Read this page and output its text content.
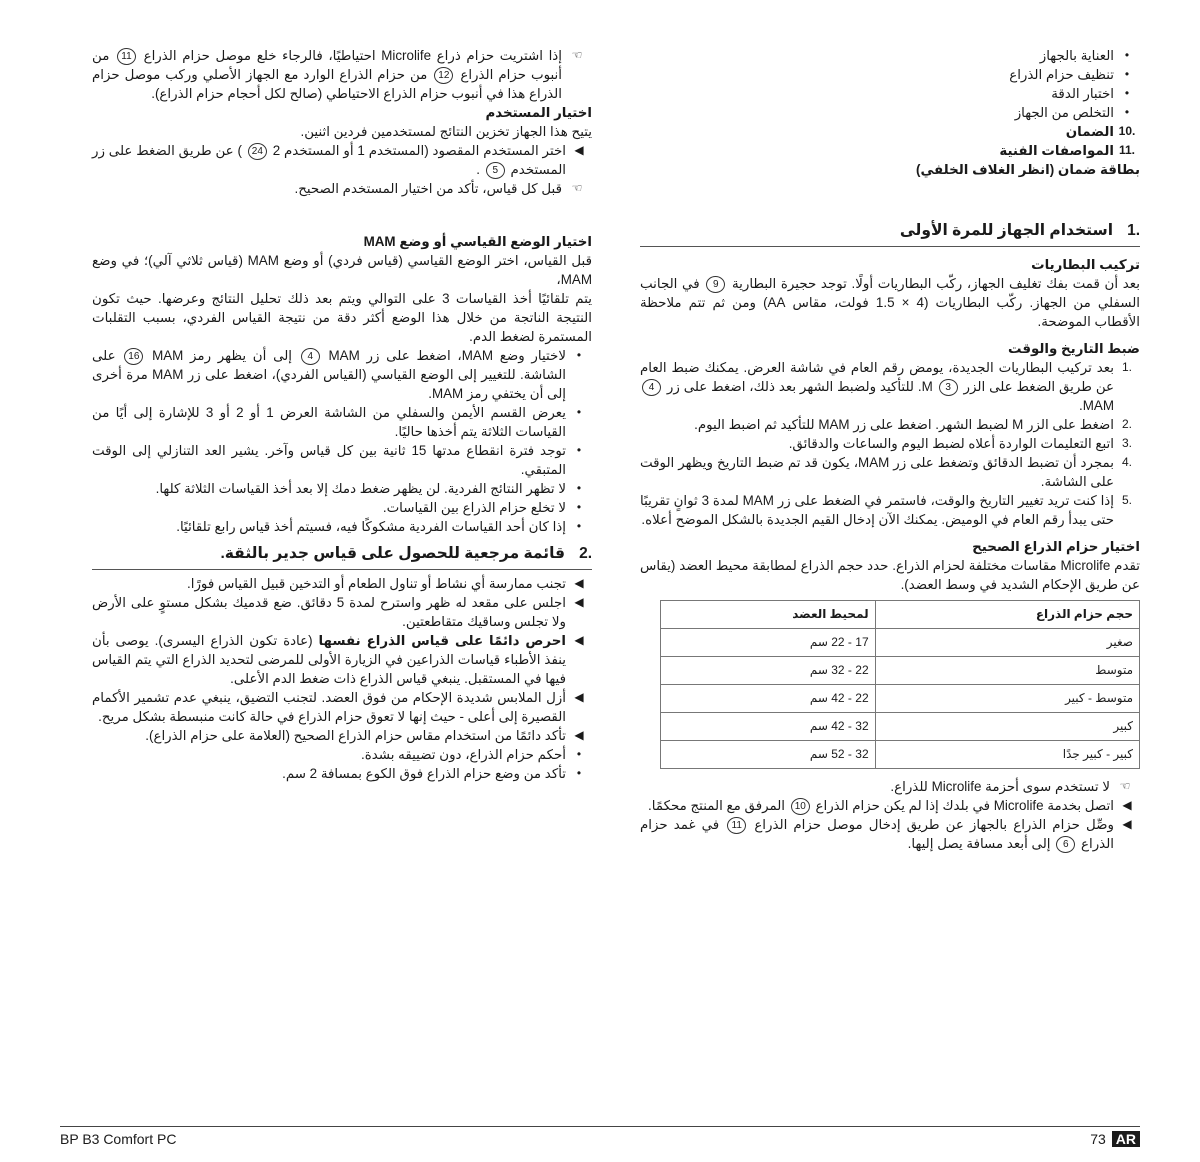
•
العناية بالجهاز
•
تنظيف حزام الذراع
•
اختبار الدقة
•
التخلص من الجهاز
.10
الضمان
.11
المواصفات الفنية
بطاقة ضمان (انظر الغلاف الخلفي)
.1
استخدام الجهاز للمرة الأولى
تركيب البطاريات

بعد أن قمت بفك تغليف الجهاز، ركّب البطاريات أولًا. توجد حجيرة البطارية 9 في الجانب السفلي من الجهاز. ركّب البطاريات (4 × 1.5 فولت، مقاس AA) ومن ثم تتم ملاحظة الأقطاب الموضحة.

ضبط التاريخ والوقت
.1
بعد تركيب البطاريات الجديدة، يومض رقم العام في شاشة العرض. يمكنك ضبط العام عن طريق الضغط على الزر 3 M. للتأكيد ولضبط الشهر بعد ذلك، اضغط على زر 4 MAM.
.2
اضغط على الزر M لضبط الشهر. اضغط على زر MAM للتأكيد ثم اضبط اليوم.
.3
اتبع التعليمات الواردة أعلاه لضبط اليوم والساعات والدقائق.
.4
بمجرد أن تضبط الدقائق وتضغط على زر MAM، يكون قد تم ضبط التاريخ ويظهر الوقت على الشاشة.
.5
إذا كنت تريد تغيير التاريخ والوقت، فاستمر في الضغط على زر MAM لمدة 3 ثوانٍ تقريبًا حتى يبدأ رقم العام في الوميض. يمكنك الآن إدخال القيم الجديدة بالشكل الموضح أعلاه.
اختيار حزام الذراع الصحيح

تقدم Microlife مقاسات مختلفة لحزام الذراع. حدد حجم الذراع لمطابقة محيط العضد (يقاس عن طريق الإحكام الشديد في وسط العضد).

حجم حزام الذراع	لمحيط العضد
صغير	17 - 22 سم
متوسط	22 - 32 سم
متوسط - كبير	22 - 42 سم
كبير	32 - 42 سم
كبير - كبير جدًا	32 - 52 سم
☜
لا تستخدم سوى أحزمة Microlife للذراع.
◀
اتصل بخدمة Microlife في بلدك إذا لم يكن حزام الذراع 10 المرفق مع المنتج محكمًا.
◀
وصِّل حزام الذراع بالجهاز عن طريق إدخال موصل حزام الذراع 11 في غمد حزام الذراع 6 إلى أبعد مسافة يصل إليها.
☜
إذا اشتريت حزام ذراع Microlife احتياطيًا، فالرجاء خلع موصل حزام الذراع 11 من أنبوب حزام الذراع 12 من حزام الذراع الوارد مع الجهاز الأصلي وركب موصل حزام الذراع هذا في أنبوب حزام الذراع الاحتياطي (صالح لكل أحجام حزام الذراع).
اختيار المستخدم

يتيح هذا الجهاز تخزين النتائج لمستخدمين فردين اثنين.

◀
اختر المستخدم المقصود (المستخدم 1 أو المستخدم 2 24 ) عن طريق الضغط على زر المستخدم 5 .
☜
قبل كل قياس، تأكد من اختيار المستخدم الصحيح.
اختيار الوضع القياسي أو وضع MAM

قبل القياس، اختر الوضع القياسي (قياس فردي) أو وضع MAM (قياس ثلاثي آلي)؛ في وضع MAM،

يتم تلقائيًا أخذ القياسات 3 على التوالي ويتم بعد ذلك تحليل النتائج وعرضها. حيث تكون النتيجة الناتجة من خلال هذا الوضع أكثر دقة من نتيجة القياس الفردي، بسبب التقلبات المستمرة لضغط الدم.

•
لاختيار وضع MAM، اضغط على زر MAM 4 إلى أن يظهر رمز MAM 16 على الشاشة. للتغيير إلى الوضع القياسي (القياس الفردي)، اضغط على زر MAM مرة أخرى إلى أن يختفي رمز MAM.
•
يعرض القسم الأيمن والسفلي من الشاشة العرض 1 أو 2 أو 3 للإشارة إلى أيًا من القياسات الثلاثة يتم أخذها حاليًا.
•
توجد فترة انقطاع مدتها 15 ثانية بين كل قياس وآخر. يشير العد التنازلي إلى الوقت المتبقي.
•
لا تظهر النتائج الفردية. لن يظهر ضغط دمك إلا بعد أخذ القياسات الثلاثة كلها.
•
لا تخلع حزام الذراع بين القياسات.
•
إذا كان أحد القياسات الفردية مشكوكًا فيه، فسيتم أخذ قياس رابع تلقائيًا.
.2
قائمة مرجعية للحصول على قياس جدير بالثقة.
◀
تجنب ممارسة أي نشاط أو تناول الطعام أو التدخين قبيل القياس فورًا.
◀
اجلس على مقعد له ظهر واسترح لمدة 5 دقائق. ضع قدميك بشكل مستوٍ على الأرض ولا تجلس وساقيك متقاطعتين.
◀
احرص دائمًا على قياس الذراع نفسها (عادة تكون الذراع اليسرى). يوصى بأن ينفذ الأطباء قياسات الذراعين في الزيارة الأولى للمرضى لتحديد الذراع التي يتم القياس فيها في المستقبل. ينبغي قياس الذراع ذات ضغط الدم الأعلى.
◀
أزل الملابس شديدة الإحكام من فوق العضد. لتجنب التضيق، ينبغي عدم تشمير الأكمام القصيرة إلى أعلى - حيث إنها لا تعوق حزام الذراع في حالة كانت منبسطة بشكل مريح.
◀
تأكد دائمًا من استخدام مقاس حزام الذراع الصحيح (العلامة على حزام الذراع).
•
أحكم حزام الذراع، دون تضييقه بشدة.
•
تأكد من وضع حزام الذراع فوق الكوع بمسافة 2 سم.
BP B3 Comfort PC	73 AR
